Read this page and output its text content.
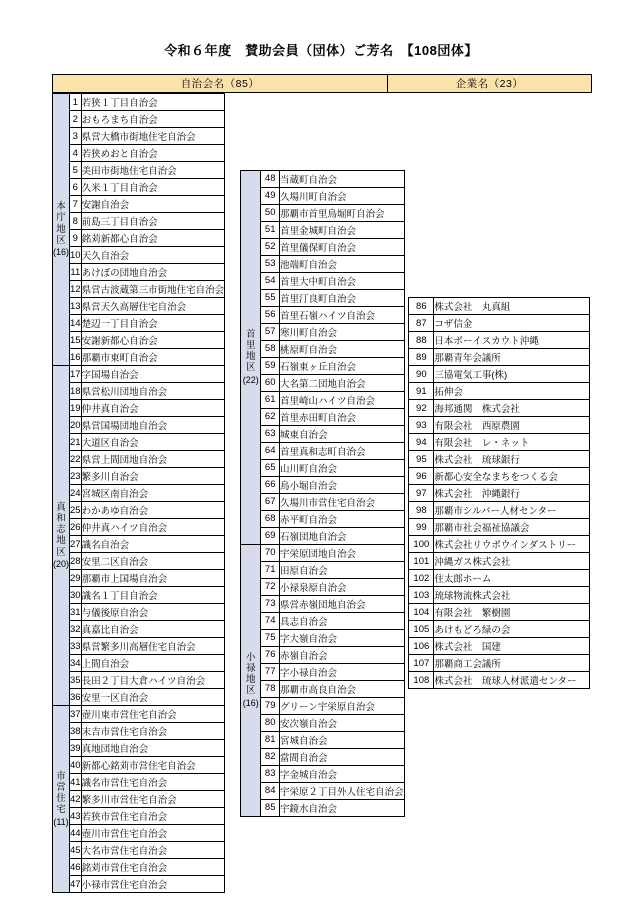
令和６年度　賛助会員（団体）ご芳名　【108団体】
自治会名（85）	企業名（23）
本
庁
地
区
(16)
	1	若狭１丁目自治会
2	おもろまち自治会
3	県営大橋市街地住宅自治会
4	若狭めおと自治会
5	美田市街地住宅自治会
6	久米１丁目自治会
7	安謝自治会
8	前島三丁目自治会
9	銘苅新都心自治会
10	天久自治会
11	あけぼの団地自治会
12	県営古波蔵第三市街地住宅自治会
13	県営天久高層住宅自治会
14	楚辺一丁目自治会
15	安謝新都心自治会
16	那覇市東町自治会

真
和
志
地
区
(20)
	17	字国場自治会
18	県営松川団地自治会
19	仲井真自治会
20	県営国場団地自治会
21	大道区自治会
22	県営上間団地自治会
23	繁多川自治会
24	宮城区南自治会
25	わかあゆ自治会
26	仲井真ハイツ自治会
27	識名自治会
28	安里二区自治会
29	那覇市上国場自治会
30	識名１丁目自治会
31	与儀後原自治会
32	真嘉比自治会
33	県営繁多川高層住宅自治会
34	上間自治会
35	長田２丁目大倉ハイツ自治会
36	安里一区自治会

市
営
住
宅
(11)
	37	壺川東市営住宅自治会
38	末吉市営住宅自治会
39	真地団地自治会
40	新都心銘苅市営住宅自治会
41	識名市営住宅自治会
42	繁多川市営住宅自治会
43	若狭市営住宅自治会
44	壺川市営住宅自治会
45	大名市営住宅自治会
46	銘苅市営住宅自治会
47	小禄市営住宅自治会

首
里
地
区
(22)
	48	当蔵町自治会
49	久場川町自治会
50	那覇市首里鳥堀町自治会
51	首里金城町自治会
52	首里儀保町自治会
53	池端町自治会
54	首里大中町自治会
55	首里汀良町自治会
56	首里石嶺ハイツ自治会
57	寒川町自治会
58	桃原町自治会
59	石嶺東ヶ丘自治会
60	大名第二団地自治会
61	首里崎山ハイツ自治会
62	首里赤田町自治会
63	城東自治会
64	首里真和志町自治会
65	山川町自治会
66	鳥小堀自治会
67	久場川市営住宅自治会
68	赤平町自治会
69	石嶺団地自治会

小
禄
地
区
(16)
	70	宇栄原団地自治会
71	田原自治会
72	小禄泉原自治会
73	県営赤嶺団地自治会
74	具志自治会
75	字大嶺自治会
76	赤嶺自治会
77	字小禄自治会
78	那覇市高良自治会
79	グリーン宇栄原自治会
80	安次嶺自治会
81	宮城自治会
82	當間自治会
83	字金城自治会
84	宇栄原２丁目外人住宅自治会
85	宇鏡水自治会

86	株式会社　丸真組
87	コザ信金
88	日本ボーイスカウト沖縄
89	那覇青年会議所
90	三協電気工事(株)
91	拓伸会
92	海邦通関　株式会社
93	有限会社　西原農園
94	有限会社　レ・ネット
95	株式会社　琉球銀行
96	新都心安全なまちをつくる会
97	株式会社　沖縄銀行
98	那覇市シルバー人材センター
99	那覇市社会福祉協議会
100	株式会社リウボウインダストリー
101	沖縄ガス株式会社
102	住太郎ホーム
103	琉球物流株式会社
104	有限会社　繁樹園
105	あけもどろ緑の会
106	株式会社　国建
107	那覇商工会議所
108	株式会社　琉球人材派遣センター
